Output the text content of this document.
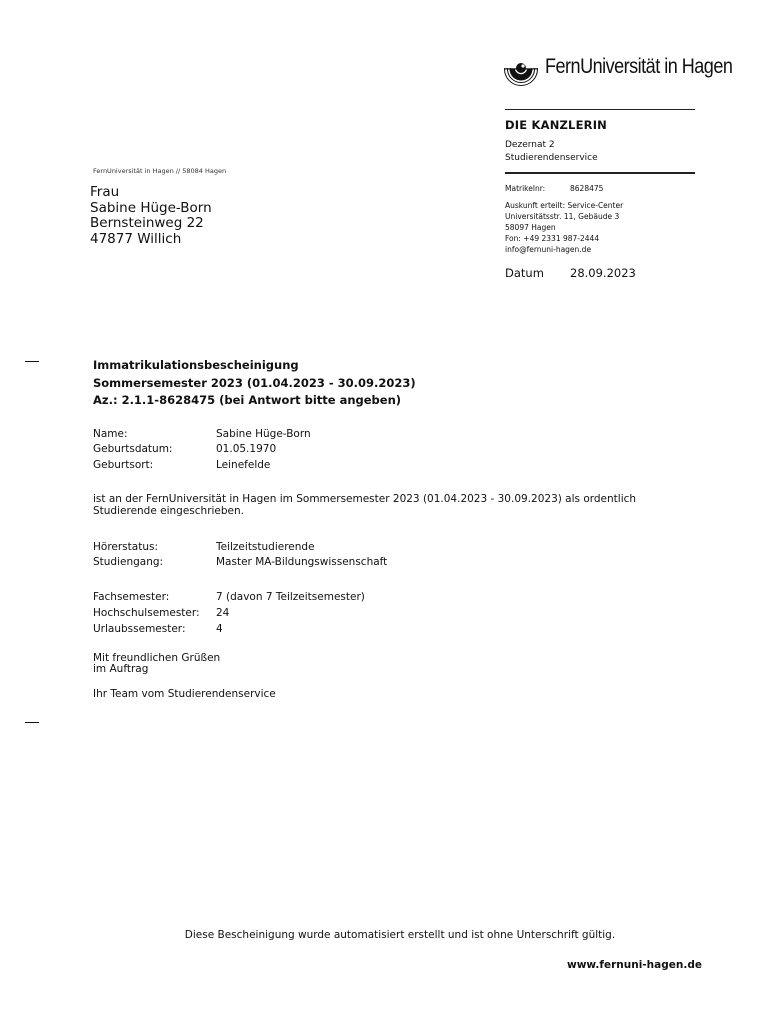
FernUniversität in Hagen
DIE KANZLERIN
Dezernat 2
Studierendenservice
Matrikelnr:	8628475
Auskunft erteilt: Service-Center
Universitätsstr. 11, Gebäude 3
58097 Hagen
Fon: +49 2331 987-2444
info@fernuni-hagen.de
Datum 28.09.2023
FernUniversität in Hagen // 58084 Hagen
Frau
Sabine Hüge-Born
Bernsteinweg 22
47877 Willich
Immatrikulationsbescheinigung
Sommersemester 2023 (01.04.2023 - 30.09.2023)
Az.: 2.1.1-8628475 (bei Antwort bitte angeben)
Name:	Sabine Hüge-Born
Geburtsdatum:	01.05.1970
Geburtsort:	Leinefelde
ist an der FernUniversität in Hagen im Sommersemester 2023 (01.04.2023 - 30.09.2023) als ordentlich Studierende eingeschrieben.
Hörerstatus:	Teilzeitstudierende
Studiengang:	Master MA-Bildungswissenschaft
Fachsemester:	7 (davon 7 Teilzeitsemester)
Hochschulsemester: 24
Urlaubssemester:	4
Mit freundlichen Grüßen
im Auftrag
Ihr Team vom Studierendenservice
Diese Bescheinigung wurde automatisiert erstellt und ist ohne Unterschrift gültig.
www.fernuni-hagen.de
